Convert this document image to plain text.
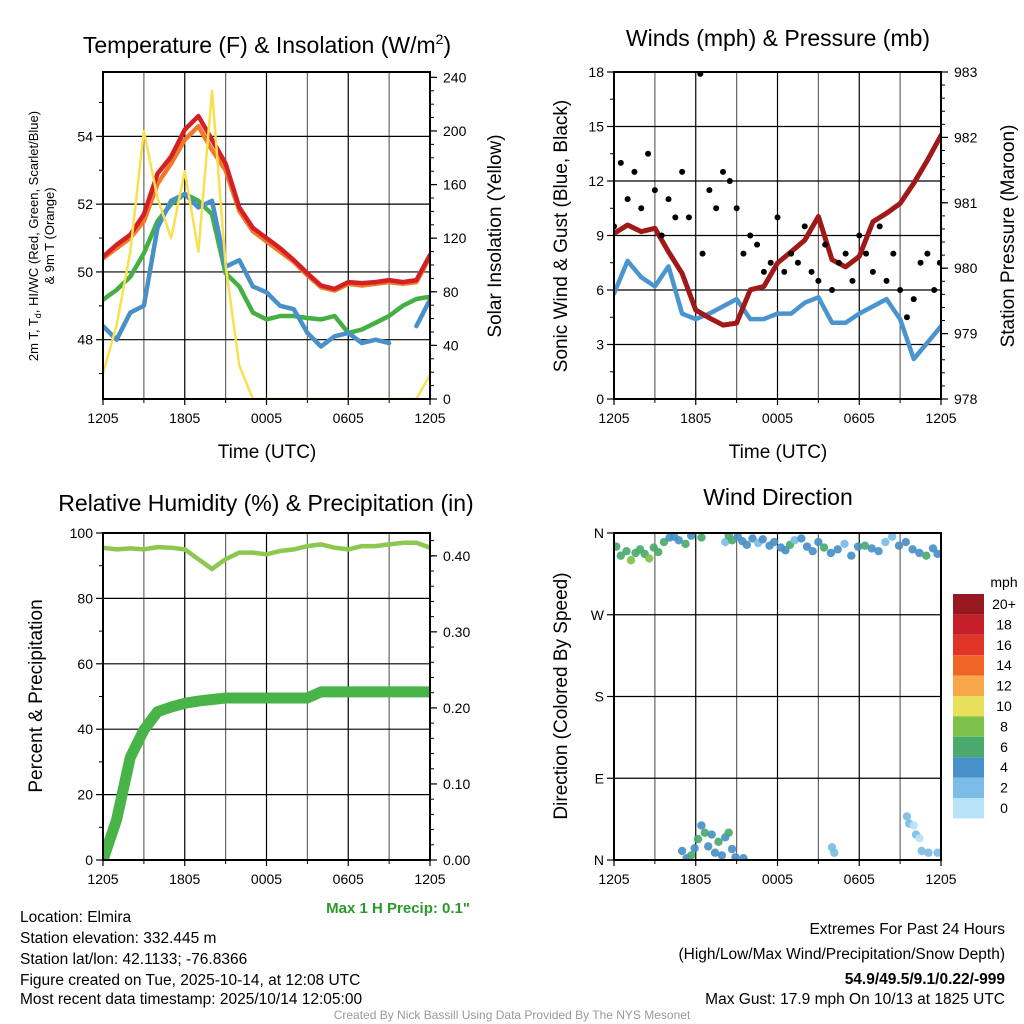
Temperature (F) & Insolation $(W/m^2)$	Winds (mph) & Pressure (mb)
Relative Humidity (%) & Precipitation (in)	Wind Direction
Time (UTC)	Time (UTC)
2m T, $T_d$, HI/WC (Red, Green, Scarlet/Blue) & 9m T (Orange)	Solar Insolation (Yellow) Sonic Wind & Gust (Blue, Black)	Station Pressure (Maroon)
Percent & Precipitation	Direction (Colored By Speed)
Max 1 H Precip: 0.1"
mph
20+
18
16
14
12
10
8
6
4
2
0
Location: Elmira
Station elevation: 332.445 m
Station lat/lon: 42.1133; -76.8366
Figure created on Tue, 2025-10-14, at 12:08 UTC
Most recent data timestamp: 2025/10/14 12:05:00
Extremes For Past 24 Hours
(High/Low/Max Wind/Precipitation/Snow Depth)
54.9/49.5/9.1/0.22/-999
Max Gust: 17.9 mph On 10/13 at 1825 UTC
Created By Nick Bassill Using Data Provided By The NYS Mesonet
48
50
52
54
0
40
80
120
160
200
240
1205	1805	0005	0605	1205
0
3
6
9
12
15
18
978
979
980
981
982
983
1205	1805	0005	0605	1205
0
20
40
60
80
100
0.00
0.10
0.20
0.30
0.40
1205	1805	0005	0605	1205
N
E
S
W
N
1205	1805	0005	0605	1205
